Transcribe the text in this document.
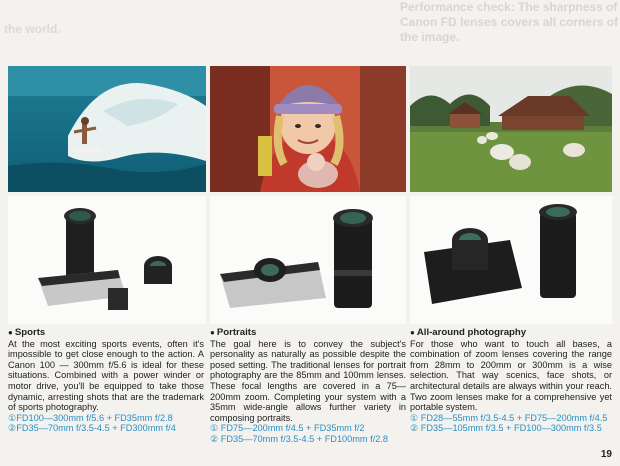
Performance check: The sharpness of Canon FD lenses covers all corners of the image.
the world.
● Sports

At the most exciting sports events, often it's impossible to get close enough to the action. A Canon 100 — 300mm f/5.6 is ideal for these situations. Combined with a power winder or motor drive, you'll be equipped to take those dynamic, arresting shots that are the trademark of sports photography.

①FD100—300mm f/5.6 + FD35mm f/2.8
②FD35—70mm f/3.5-4.5 + FD300mm f/4
● Portraits

The goal here is to convey the subject's personality as naturally as possible despite the posed setting. The traditional lenses for portrait photography are the 85mm and 100mm lenses. These focal lengths are covered in a 75—200mm zoom. Completing your system with a 35mm wide-angle allows further variety in composing portraits.

① FD75—200mm f/4.5 + FD35mm f/2
② FD35—70mm f/3.5-4.5 + FD100mm f/2.8
● All-around photography

For those who want to touch all bases, a combination of zoom lenses covering the range from 28mm to 200mm or 300mm is a wise selection. That way scenics, face shots, or architectural details are always within your reach. Two zoom lenses make for a comprehensive yet portable system.

① FD28—55mm f/3.5-4.5 + FD75—200mm f/4.5
② FD35—105mm f/3.5 + FD100—300mm f/3.5
19
